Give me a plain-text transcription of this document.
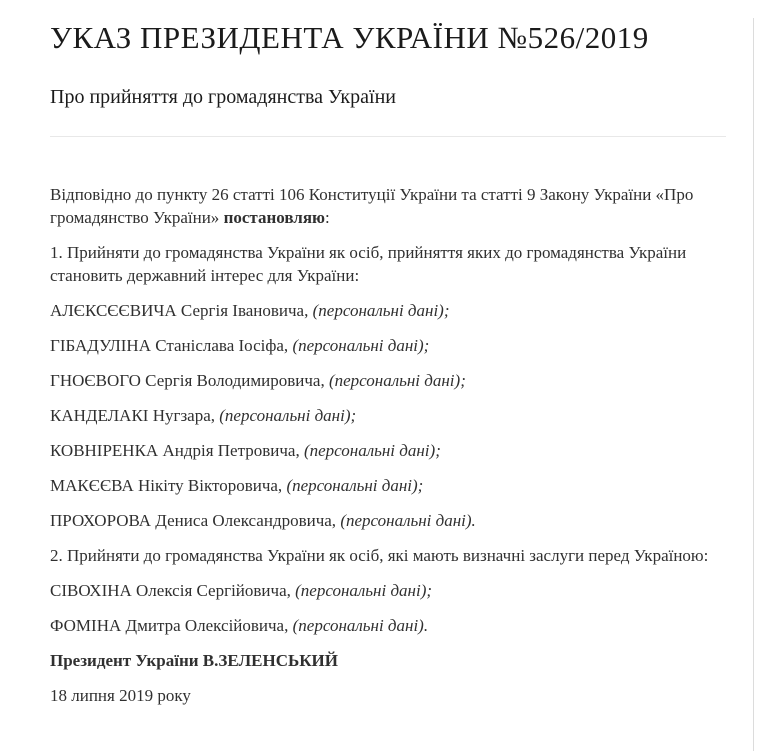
УКАЗ ПРЕЗИДЕНТА УКРАЇНИ №526/2019
Про прийняття до громадянства України

Відповідно до пункту 26 статті 106 Конституції України та статті 9 Закону України «Про громадянство України» постановляю:

1. Прийняти до громадянства України як осіб, прийняття яких до громадянства України становить державний інтерес для України:

АЛЄКСЄЄВИЧА Сергія Івановича, (персональні дані);

ГІБАДУЛІНА Станіслава Іосіфа, (персональні дані);

ГНОЄВОГО Сергія Володимировича, (персональні дані);

КАНДЕЛАКІ Нугзара, (персональні дані);

КОВНІРЕНКА Андрія Петровича, (персональні дані);

МАКЄЄВА Нікіту Вікторовича, (персональні дані);

ПРОХОРОВА Дениса Олександровича, (персональні дані).

2. Прийняти до громадянства України як осіб, які мають визначні заслуги перед Україною:

СІВОХІНА Олексія Сергійовича, (персональні дані);

ФОМІНА Дмитра Олексійовича, (персональні дані).

Президент України В.ЗЕЛЕНСЬКИЙ

18 липня 2019 року
